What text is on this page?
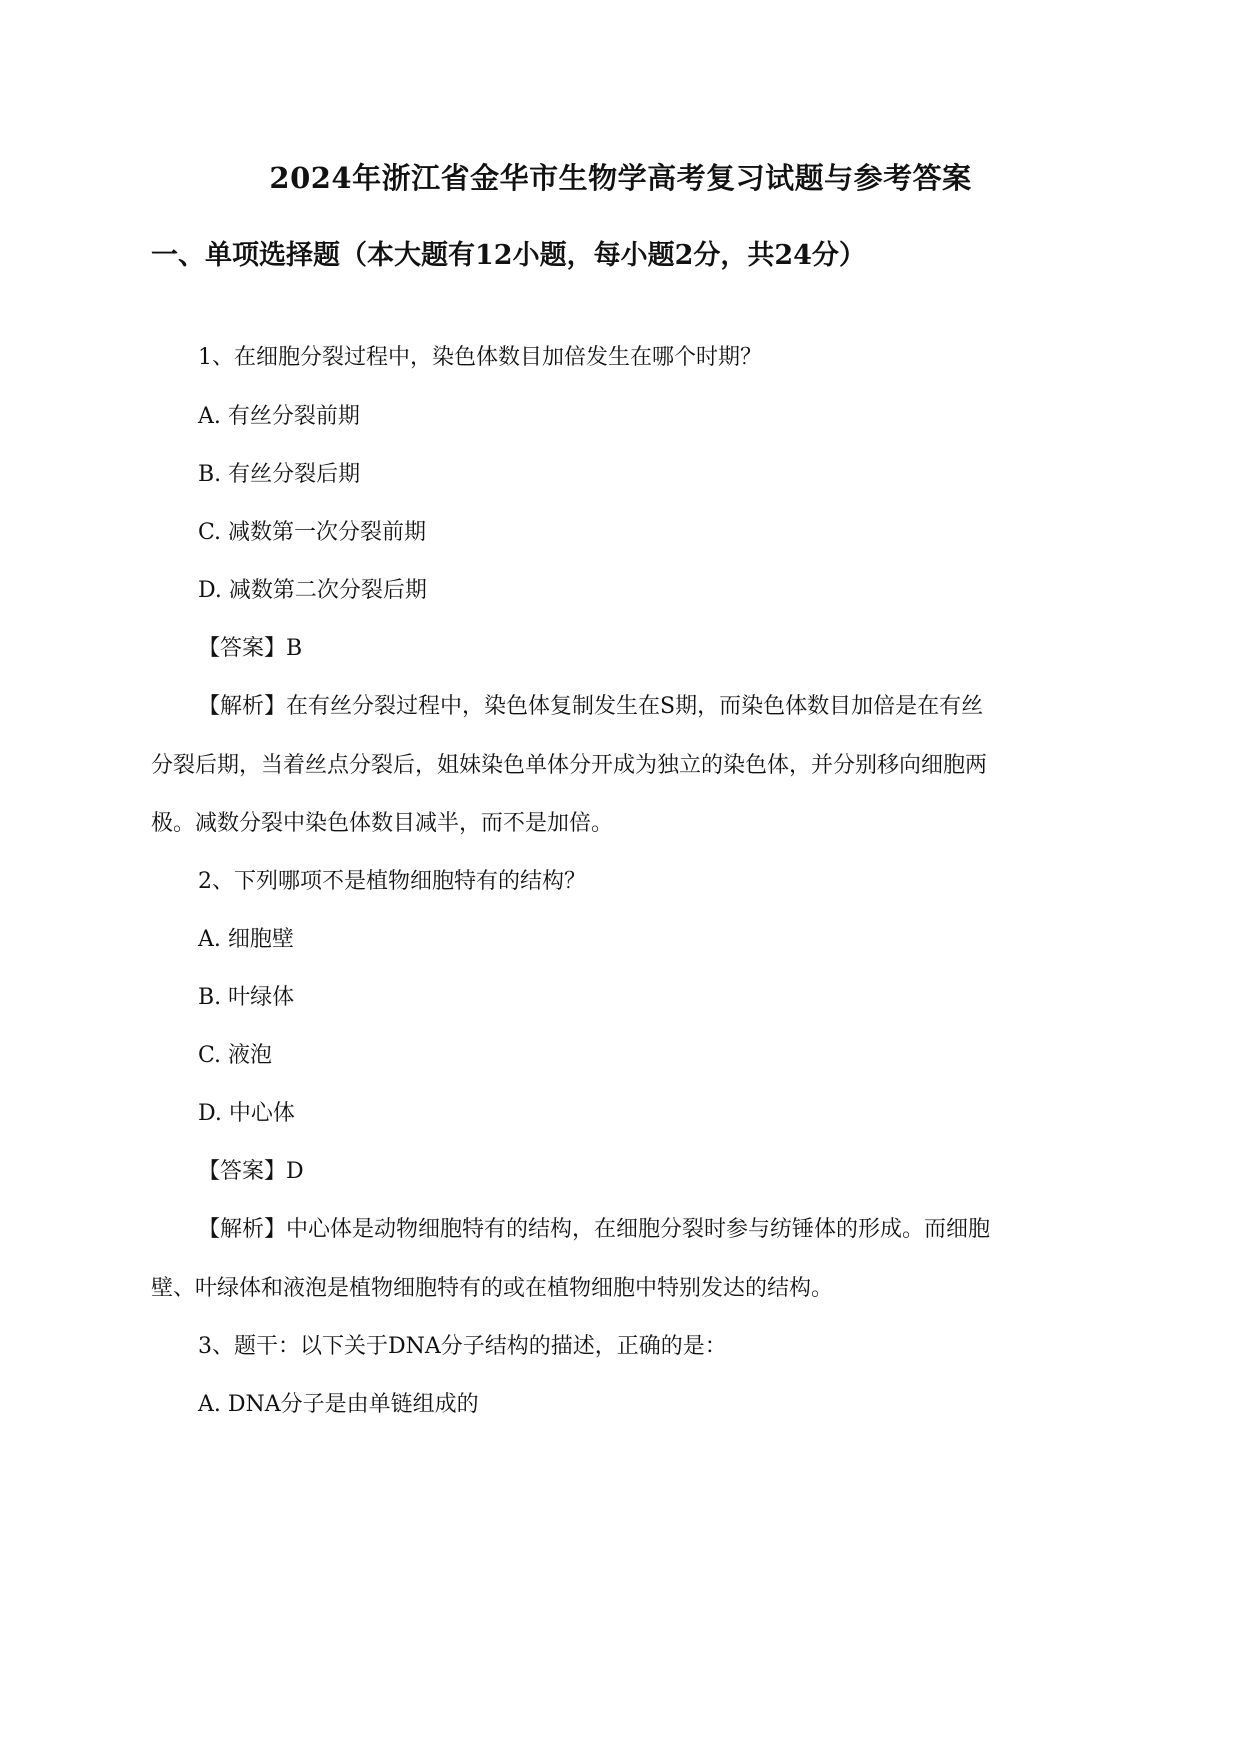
2024年浙江省金华市生物学高考复习试题与参考答案
一、单项选择题（本大题有12小题，每小题2分，共24分）
1、在细胞分裂过程中，染色体数目加倍发生在哪个时期？
A. 有丝分裂前期
B. 有丝分裂后期
C. 减数第一次分裂前期
D. 减数第二次分裂后期
【答案】B
【解析】在有丝分裂过程中，染色体复制发生在S期，而染色体数目加倍是在有丝
分裂后期，当着丝点分裂后，姐妹染色单体分开成为独立的染色体，并分别移向细胞两
极。减数分裂中染色体数目减半，而不是加倍。
2、下列哪项不是植物细胞特有的结构？
A. 细胞壁
B. 叶绿体
C. 液泡
D. 中心体
【答案】D
【解析】中心体是动物细胞特有的结构，在细胞分裂时参与纺锤体的形成。而细胞
壁、叶绿体和液泡是植物细胞特有的或在植物细胞中特别发达的结构。
3、题干：以下关于DNA分子结构的描述，正确的是：
A. DNA分子是由单链组成的
